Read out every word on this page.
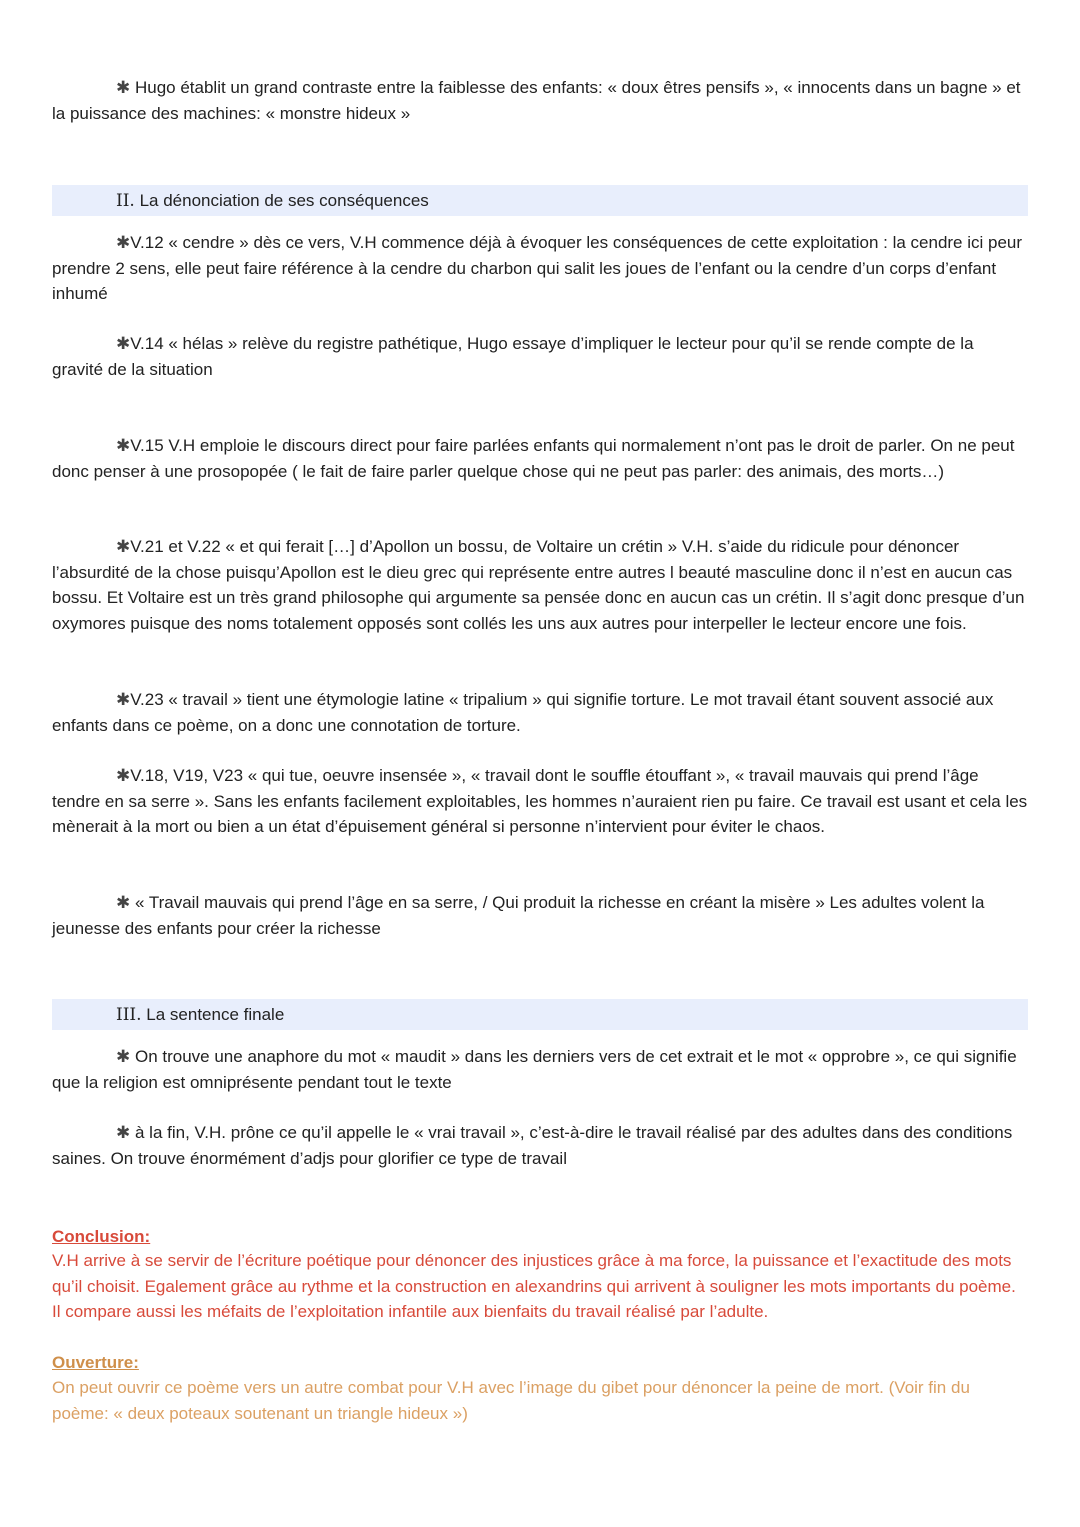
✱ Hugo établit un grand contraste entre la faiblesse des enfants: « doux êtres pensifs », « innocents dans un bagne » et la puissance des machines: « monstre hideux »

II. La dénonciation de ses conséquences

✱V.12 « cendre » dès ce vers, V.H commence déjà à évoquer les conséquences de cette exploitation : la cendre ici peur prendre 2 sens, elle peut faire référence à la cendre du charbon qui salit les joues de l’enfant ou la cendre d’un corps d’enfant inhumé

✱V.14 « hélas » relève du registre pathétique, Hugo essaye d’impliquer le lecteur pour qu’il se rende compte de la gravité de la situation

✱V.15 V.H emploie le discours direct pour faire parlées enfants qui normalement n’ont pas le droit de parler. On ne peut donc penser à une prosopopée ( le fait de faire parler quelque chose qui ne peut pas parler: des animais, des morts…)

✱V.21 et V.22 « et qui ferait […] d’Apollon un bossu, de Voltaire un crétin » V.H. s’aide du ridicule pour dénoncer l’absurdité de la chose puisqu’Apollon est le dieu grec qui représente entre autres l beauté masculine donc il n’est en aucun cas bossu. Et Voltaire est un très grand philosophe qui argumente sa pensée donc en aucun cas un crétin. Il s’agit donc presque d’un oxymores puisque des noms totalement opposés sont collés les uns aux autres pour interpeller le lecteur encore une fois.

✱V.23 « travail » tient une étymologie latine « tripalium » qui signifie torture. Le mot travail étant souvent associé aux enfants dans ce poème, on a donc une connotation de torture.

✱V.18, V19, V23 « qui tue, oeuvre insensée », « travail dont le souffle étouffant », « travail mauvais qui prend l’âge tendre en sa serre ». Sans les enfants facilement exploitables, les hommes n’auraient rien pu faire. Ce travail est usant et cela les mènerait à la mort ou bien a un état d’épuisement général si personne n’intervient pour éviter le chaos.

✱ « Travail mauvais qui prend l’âge en sa serre, / Qui produit la richesse en créant la misère » Les adultes volent la jeunesse des enfants pour créer la richesse

III. La sentence finale

✱ On trouve une anaphore du mot « maudit » dans les derniers vers de cet extrait et le mot « opprobre », ce qui signifie que la religion est omniprésente pendant tout le texte

✱ à la fin, V.H. prône ce qu’il appelle le « vrai travail », c’est-à-dire le travail réalisé par des adultes dans des conditions saines. On trouve énormément d’adjs pour glorifier ce type de travail

Conclusion:

V.H arrive à se servir de l’écriture poétique pour dénoncer des injustices grâce à ma force, la puissance et l’exactitude des mots qu’il choisit. Egalement grâce au rythme et la construction en alexandrins qui arrivent à souligner les mots importants du poème. Il compare aussi les méfaits de l’exploitation infantile aux bienfaits du travail réalisé par l’adulte.

Ouverture:

On peut ouvrir ce poème vers un autre combat pour V.H avec l’image du gibet pour dénoncer la peine de mort. (Voir fin du poème: « deux poteaux soutenant un triangle hideux »)
